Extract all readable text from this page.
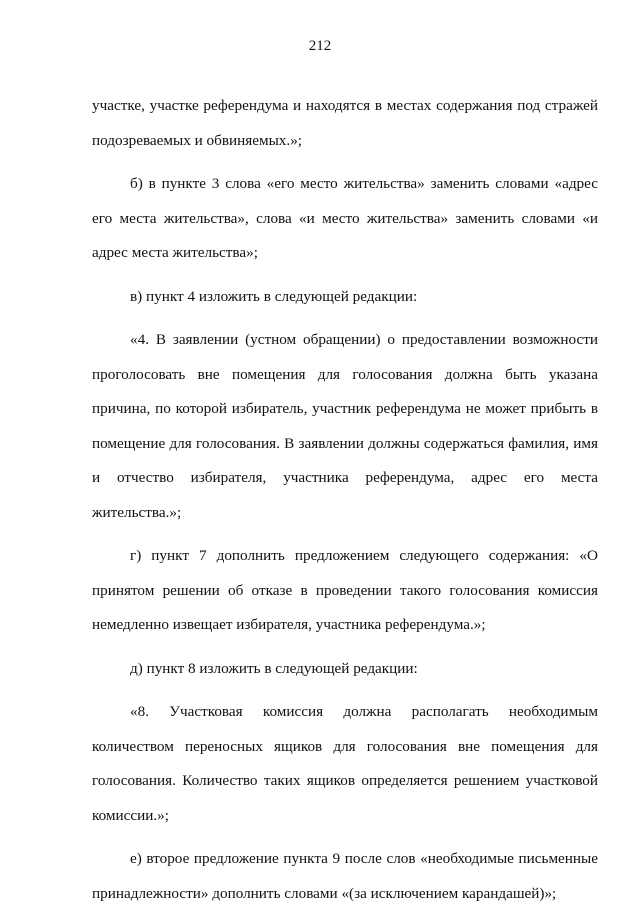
212

участке, участке референдума и находятся в местах содержания под стражей подозреваемых и обвиняемых.»;

б) в пункте 3 слова «его место жительства» заменить словами «адрес его места жительства», слова «и место жительства» заменить словами «и адрес места жительства»;

в) пункт 4 изложить в следующей редакции:

«4. В заявлении (устном обращении) о предоставлении возможности проголосовать вне помещения для голосования должна быть указана причина, по которой избиратель, участник референдума не может прибыть в помещение для голосования. В заявлении должны содержаться фамилия, имя и отчество избирателя, участника референдума, адрес его места жительства.»;

г) пункт 7 дополнить предложением следующего содержания: «О принятом решении об отказе в проведении такого голосования комиссия немедленно извещает избирателя, участника референдума.»;

д) пункт 8 изложить в следующей редакции:

«8. Участковая комиссия должна располагать необходимым количеством переносных ящиков для голосования вне помещения для голосования. Количество таких ящиков определяется решением участковой комиссии.»;

е) второе предложение пункта 9 после слов «необходимые письменные принадлежности» дополнить словами «(за исключением карандашей)»;
